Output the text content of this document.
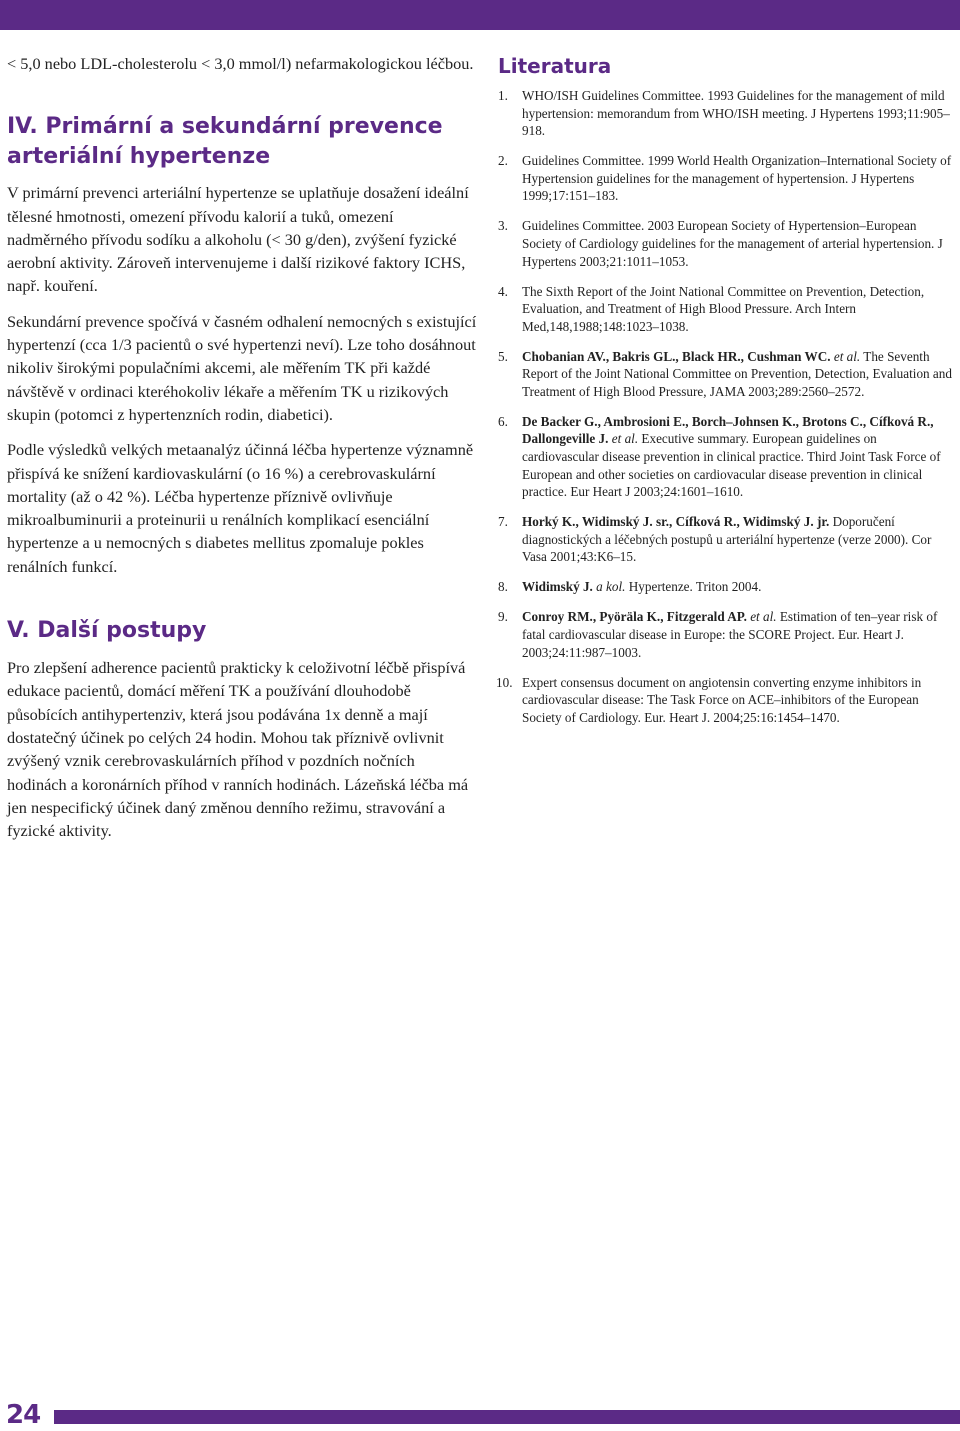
< 5,0 nebo LDL-cholesterolu < 3,0 mmol/l) nefarmakologickou léčbou.

IV. Primární a sekundární prevence arteriální hypertenze

V primární prevenci arteriální hypertenze se uplatňuje dosažení ideální tělesné hmotnosti, omezení přívodu kalorií a tuků, omezení nadměrného přívodu sodíku a alkoholu (< 30 g/den), zvýšení fyzické aerobní aktivity. Zároveň intervenujeme i další rizikové faktory ICHS, např. kouření.

Sekundární prevence spočívá v časném odhalení nemocných s existující hypertenzí (cca 1/3 pacientů o své hypertenzi neví). Lze toho dosáhnout nikoliv širokými populačními akcemi, ale měřením TK při každé návštěvě v ordinaci kteréhokoliv lékaře a měřením TK u rizikových skupin (potomci z hypertenzních rodin, diabetici).

Podle výsledků velkých metaanalýz účinná léčba hypertenze významně přispívá ke snížení kardiovaskulární (o 16 %) a cerebrovaskulární mortality (až o 42 %). Léčba hypertenze příznivě ovlivňuje mikroalbuminurii a proteinurii u renálních komplikací esenciální hypertenze a u nemocných s diabetes mellitus zpomaluje pokles renálních funkcí.

V. Další postupy

Pro zlepšení adherence pacientů prakticky k celoživotní léčbě přispívá edukace pacientů, domácí měření TK a používání dlouhodobě působících antihypertenziv, která jsou podávána 1x denně a mají dostatečný účinek po celých 24 hodin. Mohou tak příznivě ovlivnit zvýšený vznik cerebrovaskulárních příhod v pozdních nočních hodinách a koronárních příhod v ranních hodinách. Lázeňská léčba má jen nespecifický účinek daný změnou denního režimu, stravování a fyzické aktivity.

Literatura
1.	WHO/ISH Guidelines Committee. 1993 Guidelines for the management of mild hypertension: memorandum from WHO/ISH meeting. J Hypertens 1993;11:905–918.
2.	Guidelines Committee. 1999 World Health Organization–International Society of Hypertension guidelines for the management of hypertension. J Hypertens 1999;17:151–183.
3.	Guidelines Committee. 2003 European Society of Hypertension–European Society of Cardiology guidelines for the management of arterial hypertension. J Hypertens 2003;21:1011–1053.
4.	The Sixth Report of the Joint National Committee on Prevention, Detection, Evaluation, and Treatment of High Blood Pressure. Arch Intern Med,148,1988;148:1023–1038.
5.	Chobanian AV., Bakris GL., Black HR., Cushman WC. et al. The Seventh Report of the Joint National Committee on Prevention, Detection, Evaluation and Treatment of High Blood Pressure, JAMA 2003;289:2560–2572.
6.	De Backer G., Ambrosioni E., Borch–Johnsen K., Brotons C., Cífková R., Dallongeville J. et al. Executive summary. European guidelines on cardiovascular disease prevention in clinical practice. Third Joint Task Force of European and other societies on cardiovacular disease prevention in clinical practice. Eur Heart J 2003;24:1601–1610.
7.	Horký K., Widimský J. sr., Cífková R., Widimský J. jr. Doporučení diagnostických a léčebných postupů u arteriální hypertenze (verze 2000). Cor Vasa 2001;43:K6–15.
8.	Widimský J. a kol. Hypertenze. Triton 2004.
9.	Conroy RM., Pyöräla K., Fitzgerald AP. et al. Estimation of ten–year risk of fatal cardiovascular disease in Europe: the SCORE Project. Eur. Heart J. 2003;24:11:987–1003.
10. Expert consensus document on angiotensin converting enzyme inhibitors in cardiovascular disease: The Task Force on ACE–inhibitors of the European Society of Cardiology. Eur. Heart J. 2004;25:16:1454–1470.
24
